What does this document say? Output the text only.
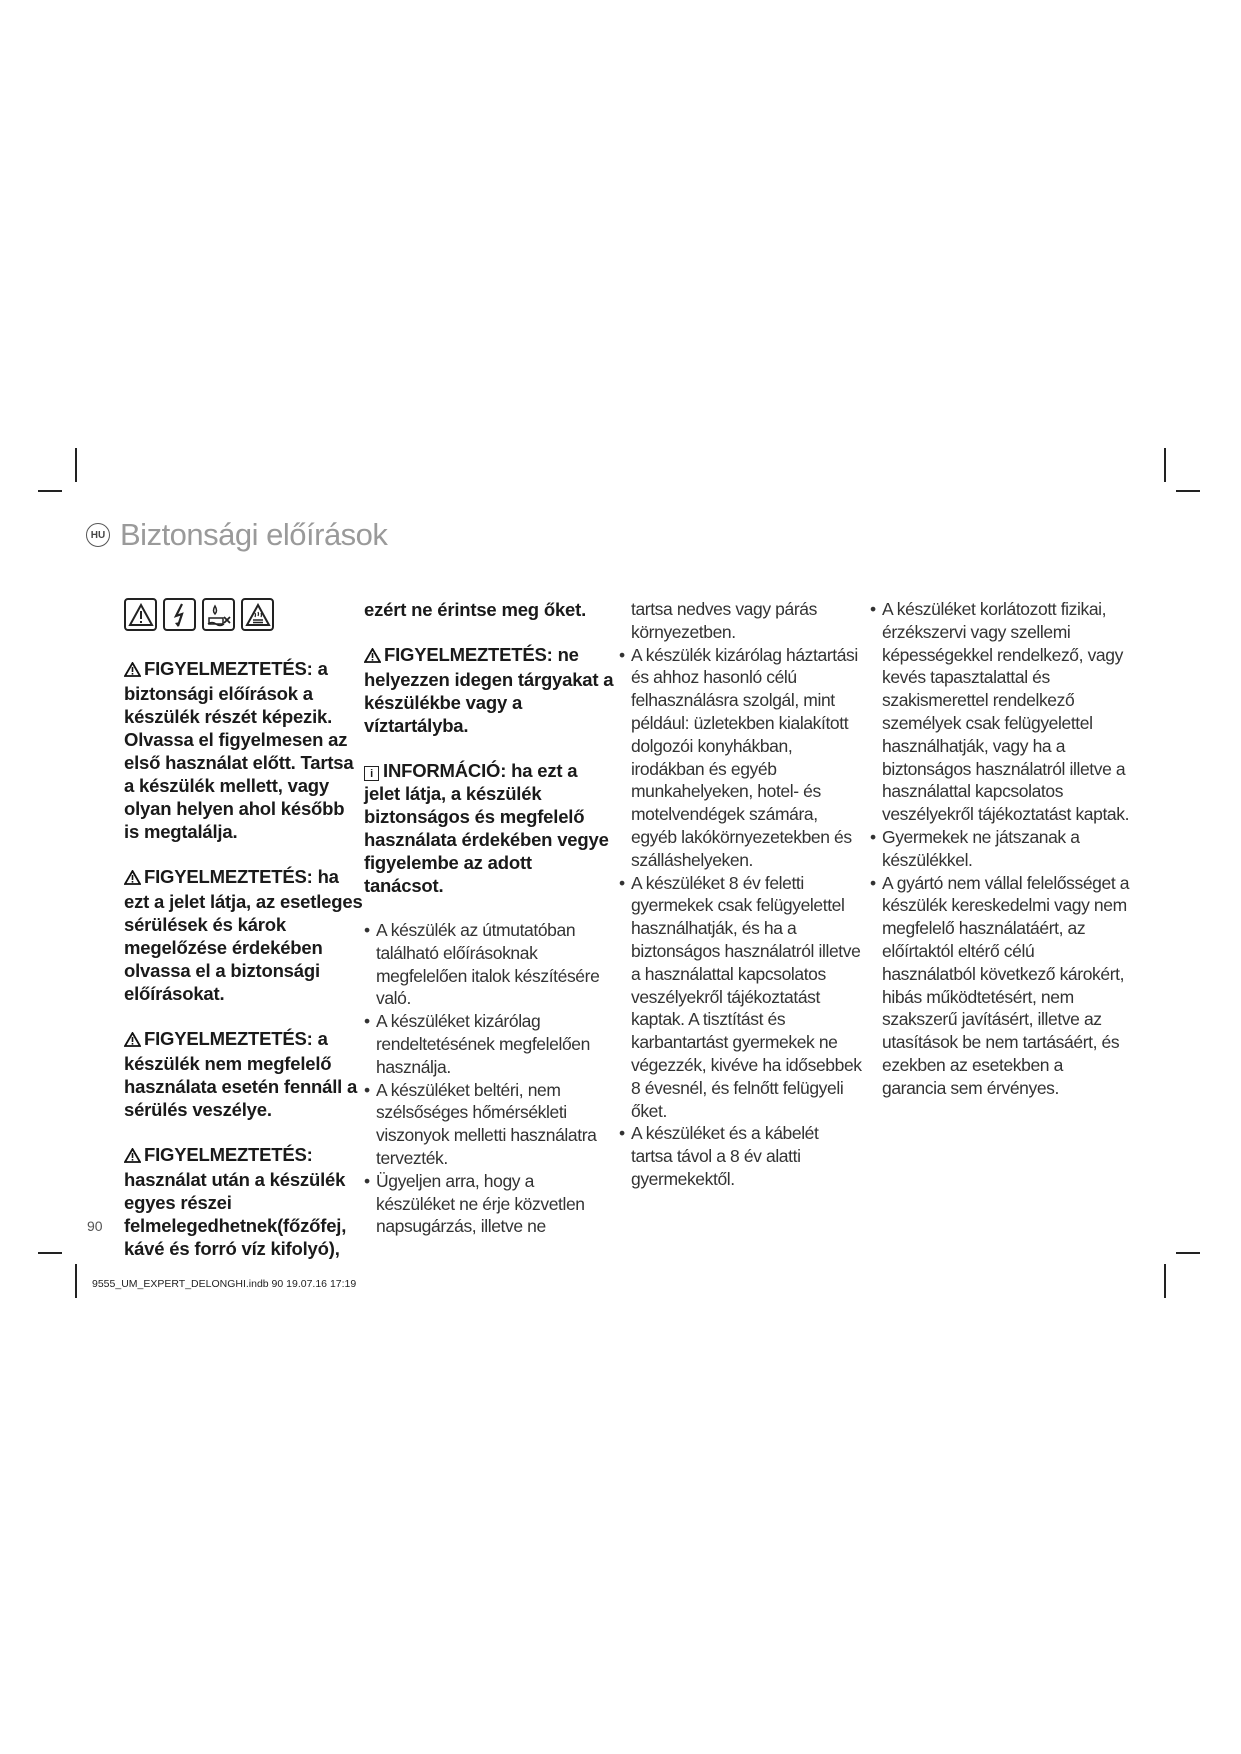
HU Biztonsági előírások

FIGYELMEZTETÉS: a biztonsági előírások a készülék részét képezik. Olvassa el figyelmesen az első használat előtt. Tartsa a készülék mellett, vagy olyan helyen ahol később is megtalálja.

FIGYELMEZTETÉS: ha ezt a jelet látja, az esetleges sérülések és károk megelőzése érdekében olvassa el a biztonsági előírásokat.

FIGYELMEZTETÉS: a készülék nem megfelelő használata esetén fennáll a sérülés veszélye.

FIGYELMEZTETÉS: használat után a készülék egyes részei felmelegedhetnek(főzőfej, kávé és forró víz kifolyó),

ezért ne érintse meg őket.

FIGYELMEZTETÉS: ne helyezzen idegen tárgyakat a készülékbe vagy a víztartályba.

i INFORMÁCIÓ: ha ezt a jelet látja, a készülék biztonságos és megfelelő használata érdekében vegye figyelembe az adott tanácsot.

• A készülék az útmutatóban található előírásoknak megfelelően italok készítésére való.
• A készüléket kizárólag rendeltetésének megfelelően használja.
• A készüléket beltéri, nem szélsőséges hőmérsékleti viszonyok melletti használatra tervezték.
• Ügyeljen arra, hogy a készüléket ne érje közvetlen napsugárzás, illetve ne

tartsa nedves vagy párás környezetben.

• A készülék kizárólag háztartási és ahhoz hasonló célú felhasználásra szolgál, mint például: üzletekben kialakított dolgozói konyhákban, irodákban és egyéb munkahelyeken, hotel- és motelvendégek számára, egyéb lakókörnyezetekben és szálláshelyeken.
• A készüléket 8 év feletti gyermekek csak felügyelettel használhatják, és ha a biztonságos használatról illetve a használattal kapcsolatos veszélyekről tájékoztatást kaptak. A tisztítást és karbantartást gyermekek ne végezzék, kivéve ha idősebbek 8 évesnél, és felnőtt felügyeli őket.
• A készüléket és a kábelét tartsa távol a 8 év alatti gyermekektől.
• A készüléket korlátozott fizikai, érzékszervi vagy szellemi képességekkel rendelkező, vagy kevés tapasztalattal és szakismerettel rendelkező személyek csak felügyelettel használhatják, vagy ha a biztonságos használatról illetve a használattal kapcsolatos veszélyekről tájékoztatást kaptak.
• Gyermekek ne játszanak a készülékkel.
• A gyártó nem vállal felelősséget a készülék kereskedelmi vagy nem megfelelő használatáért, az előírtaktól eltérő célú használatból következő károkért, hibás működtetésért, nem szakszerű javításért, illetve az utasítások be nem tartásáért, és ezekben az esetekben a garancia sem érvényes.
90
9555_UM_EXPERT_DELONGHI.indb 90 19.07.16 17:19
